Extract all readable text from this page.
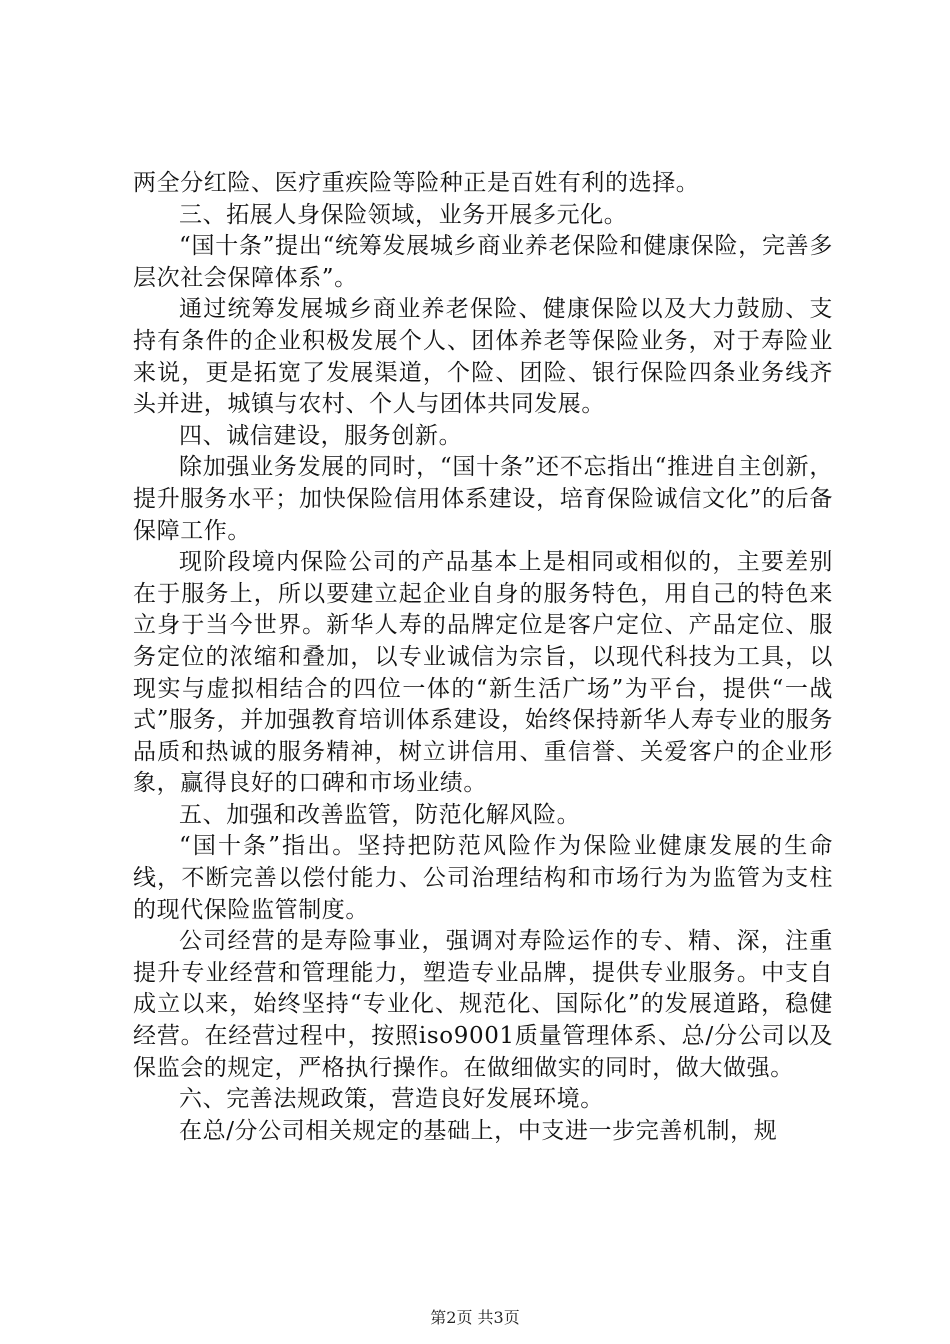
两全分红险、医疗重疾险等险种正是百姓有利的选择。

三、拓展人身保险领域，业务开展多元化。

“国十条”提出“统筹发展城乡商业养老保险和健康保险，完善多层次社会保障体系”。

通过统筹发展城乡商业养老保险、健康保险以及大力鼓励、支持有条件的企业积极发展个人、团体养老等保险业务，对于寿险业来说，更是拓宽了发展渠道，个险、团险、银行保险四条业务线齐头并进，城镇与农村、个人与团体共同发展。

四、诚信建设，服务创新。

除加强业务发展的同时，“国十条”还不忘指出“推进自主创新，提升服务水平；加快保险信用体系建设，培育保险诚信文化”的后备保障工作。

现阶段境内保险公司的产品基本上是相同或相似的，主要差别在于服务上，所以要建立起企业自身的服务特色，用自己的特色来立身于当今世界。新华人寿的品牌定位是客户定位、产品定位、服务定位的浓缩和叠加，以专业诚信为宗旨，以现代科技为工具，以现实与虚拟相结合的四位一体的“新生活广场”为平台，提供“一战式”服务，并加强教育培训体系建设，始终保持新华人寿专业的服务品质和热诚的服务精神，树立讲信用、重信誉、关爱客户的企业形象，赢得良好的口碑和市场业绩。

五、加强和改善监管，防范化解风险。

“国十条”指出。坚持把防范风险作为保险业健康发展的生命线，不断完善以偿付能力、公司治理结构和市场行为为监管为支柱的现代保险监管制度。

公司经营的是寿险事业，强调对寿险运作的专、精、深，注重提升专业经营和管理能力，塑造专业品牌，提供专业服务。中支自成立以来，始终坚持“专业化、规范化、国际化”的发展道路，稳健经营。在经营过程中，按照iso9001质量管理体系、总/分公司以及保监会的规定，严格执行操作。在做细做实的同时，做大做强。

六、完善法规政策，营造良好发展环境。

在总/分公司相关规定的基础上，中支进一步完善机制，规

第2页 共3页
